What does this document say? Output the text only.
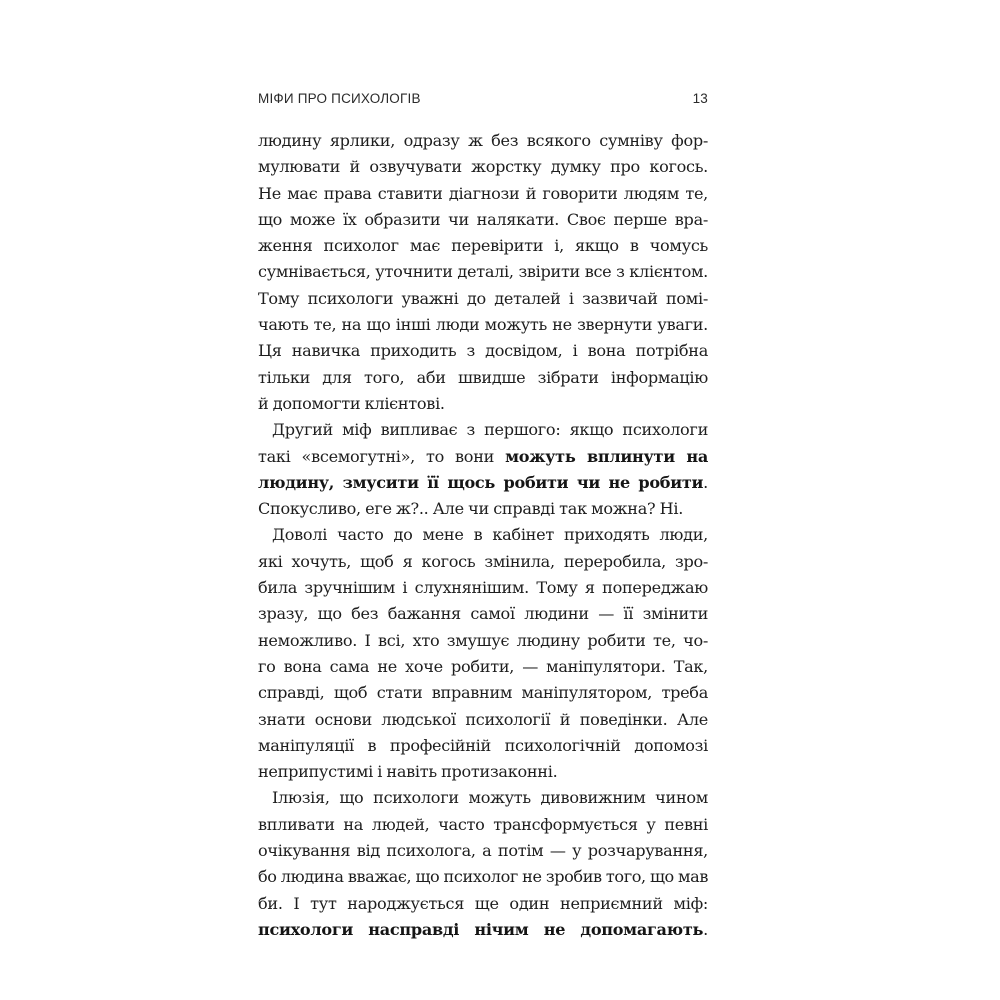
МІФИ ПРО ПСИХОЛОГІВ	13
людину ярлики, одразу ж без всякого сумніву фор-
мулювати й озвучувати жорстку думку про когось.
Не має права ставити діагнози й говорити людям те,
що може їх образити чи налякати. Своє перше вра-
ження психолог має перевірити і, якщо в чомусь
сумнівається, уточнити деталі, звірити все з клієнтом.
Тому психологи уважні до деталей і зазвичай помі-
чають те, на що інші люди можуть не звернути уваги.
Ця навичка приходить з досвідом, і вона потрібна
тільки для того, аби швидше зібрати інформацію
й допомогти клієнтові.
Другий міф випливає з першого: якщо психологи
такі «всемогутні», то вони можуть вплинути на
людину, змусити її щось робити чи не робити.
Спокусливо, еге ж?.. Але чи справді так можна? Ні.
Доволі часто до мене в кабінет приходять люди,
які хочуть, щоб я когось змінила, переробила, зро-
била зручнішим і слухнянішим. Тому я попереджаю
зразу, що без бажання самої людини — її змінити
неможливо. І всі, хто змушує людину робити те, чо-
го вона сама не хоче робити, — маніпулятори. Так,
справді, щоб стати вправним маніпулятором, треба
знати основи людської психології й поведінки. Але
маніпуляції в професійній психологічній допомозі
неприпустимі і навіть протизаконні.
Ілюзія, що психологи можуть дивовижним чином
впливати на людей, часто трансформується у певні
очікування від психолога, а потім — у розчарування,
бо людина вважає, що психолог не зробив того, що мав
би. І тут народжується ще один неприємний міф:
психологи насправді нічим не допомагають.
